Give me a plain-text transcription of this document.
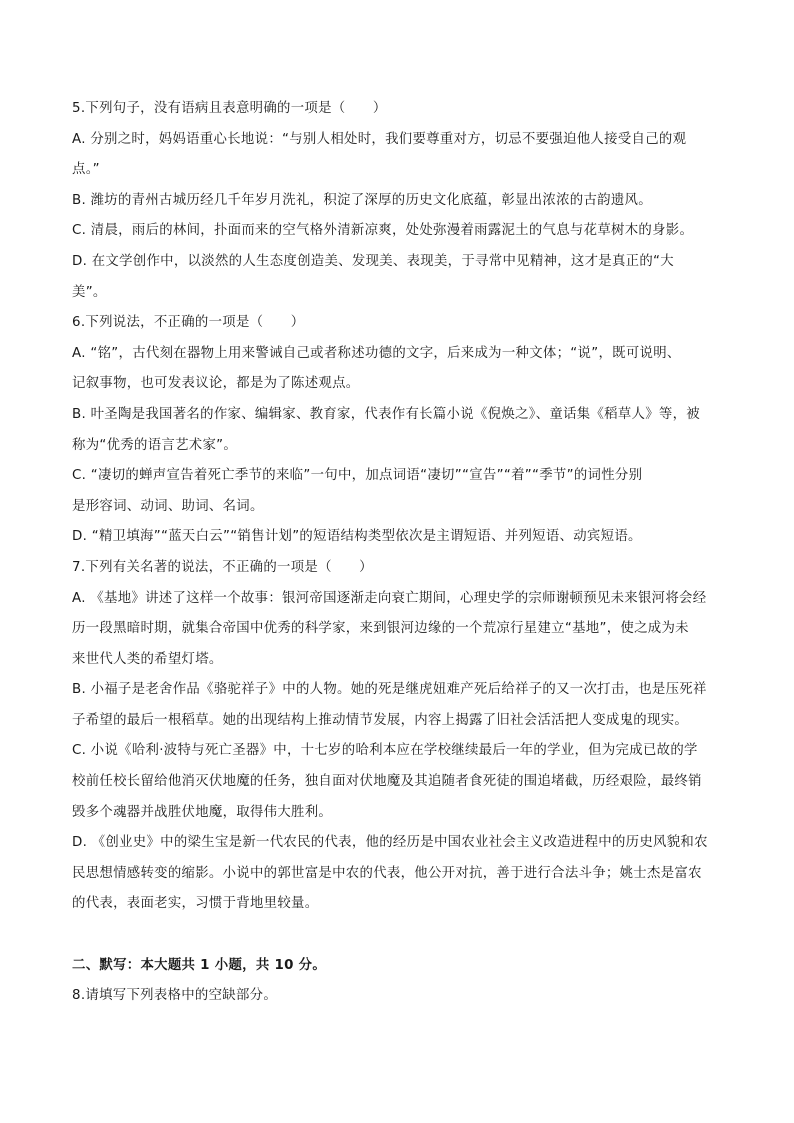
5.下列句子，没有语病且表意明确的一项是（　　）
A. 分别之时，妈妈语重心长地说：“与别人相处时，我们要尊重对方，切忌不要强迫他人接受自己的观
点。”
B. 潍坊的青州古城历经几千年岁月洗礼，积淀了深厚的历史文化底蕴，彰显出浓浓的古韵遗风。
C. 清晨，雨后的林间，扑面而来的空气格外清新凉爽，处处弥漫着雨露泥土的气息与花草树木的身影。
D. 在文学创作中，以淡然的人生态度创造美、发现美、表现美，于寻常中见精神，这才是真正的“大
美”。
6.下列说法，不正确的一项是（　　）
A. “铭”，古代刻在器物上用来警诫自己或者称述功德的文字，后来成为一种文体；“说”，既可说明、
记叙事物，也可发表议论，都是为了陈述观点。
B. 叶圣陶是我国著名的作家、编辑家、教育家，代表作有长篇小说《倪焕之》、童话集《稻草人》等，被
称为“优秀的语言艺术家”。
C. “凄切的蝉声宣告着死亡季节的来临”一句中，加点词语“凄切”“宣告”“着”“季节”的词性分别
是形容词、动词、助词、名词。
D. “精卫填海”“蓝天白云”“销售计划”的短语结构类型依次是主谓短语、并列短语、动宾短语。
7.下列有关名著的说法，不正确的一项是（　　）
A. 《基地》讲述了这样一个故事：银河帝国逐渐走向衰亡期间，心理史学的宗师谢顿预见未来银河将会经
历一段黑暗时期，就集合帝国中优秀的科学家，来到银河边缘的一个荒凉行星建立“基地”，使之成为未
来世代人类的希望灯塔。
B. 小福子是老舍作品《骆驼祥子》中的人物。她的死是继虎妞难产死后给祥子的又一次打击，也是压死祥
子希望的最后一根稻草。她的出现结构上推动情节发展，内容上揭露了旧社会活活把人变成鬼的现实。
C. 小说《哈利·波特与死亡圣器》中，十七岁的哈利本应在学校继续最后一年的学业，但为完成已故的学
校前任校长留给他消灭伏地魔的任务，独自面对伏地魔及其追随者食死徒的围追堵截，历经艰险，最终销
毁多个魂器并战胜伏地魔，取得伟大胜利。
D. 《创业史》中的梁生宝是新一代农民的代表，他的经历是中国农业社会主义改造进程中的历史风貌和农
民思想情感转变的缩影。小说中的郭世富是中农的代表，他公开对抗，善于进行合法斗争；姚士杰是富农
的代表，表面老实，习惯于背地里较量。
二、默写：本大题共 1 小题，共 10 分。
8.请填写下列表格中的空缺部分。
